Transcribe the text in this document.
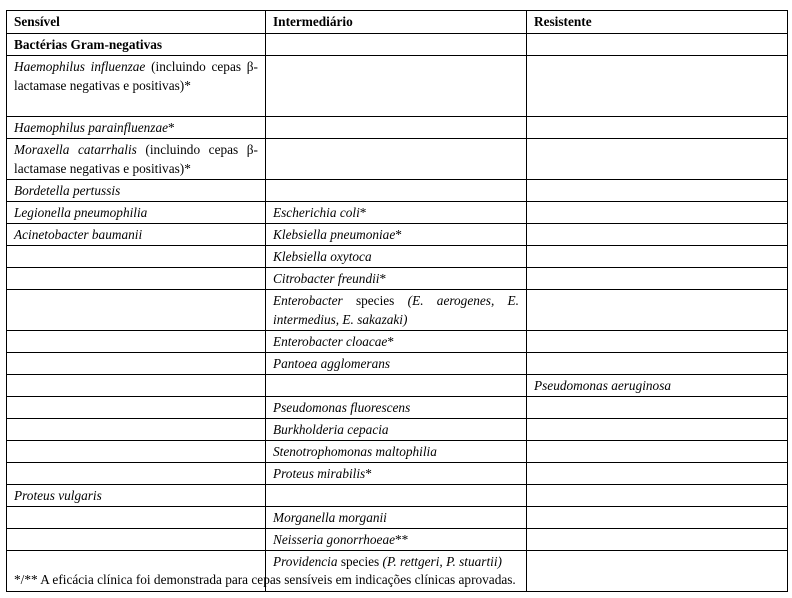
Sensível	Intermediário	Resistente
Bactérias Gram-negativas		
Haemophilus influenzae (incluindo cepas β-lactamase negativas e positivas)*		
Haemophilus parainfluenzae*		
Moraxella catarrhalis (incluindo cepas β-lactamase negativas e positivas)*		
Bordetella pertussis		
Legionella pneumophilia	Escherichia coli*	
Acinetobacter baumanii	Klebsiella pneumoniae*	
	Klebsiella oxytoca	
	Citrobacter freundii*	
	Enterobacter species (E. aerogenes, E. intermedius, E. sakazaki)	
	Enterobacter cloacae*	
	Pantoea agglomerans	
		Pseudomonas aeruginosa
	Pseudomonas fluorescens	
	Burkholderia cepacia	
	Stenotrophomonas maltophilia	
	Proteus mirabilis*	
Proteus vulgaris		
	Morganella morganii	
	Neisseria gonorrhoeae**	
	Providencia species (P. rettgeri, P. stuartii)	
*/** A eficácia clínica foi demonstrada para cepas sensíveis em indicações clínicas aprovadas.
